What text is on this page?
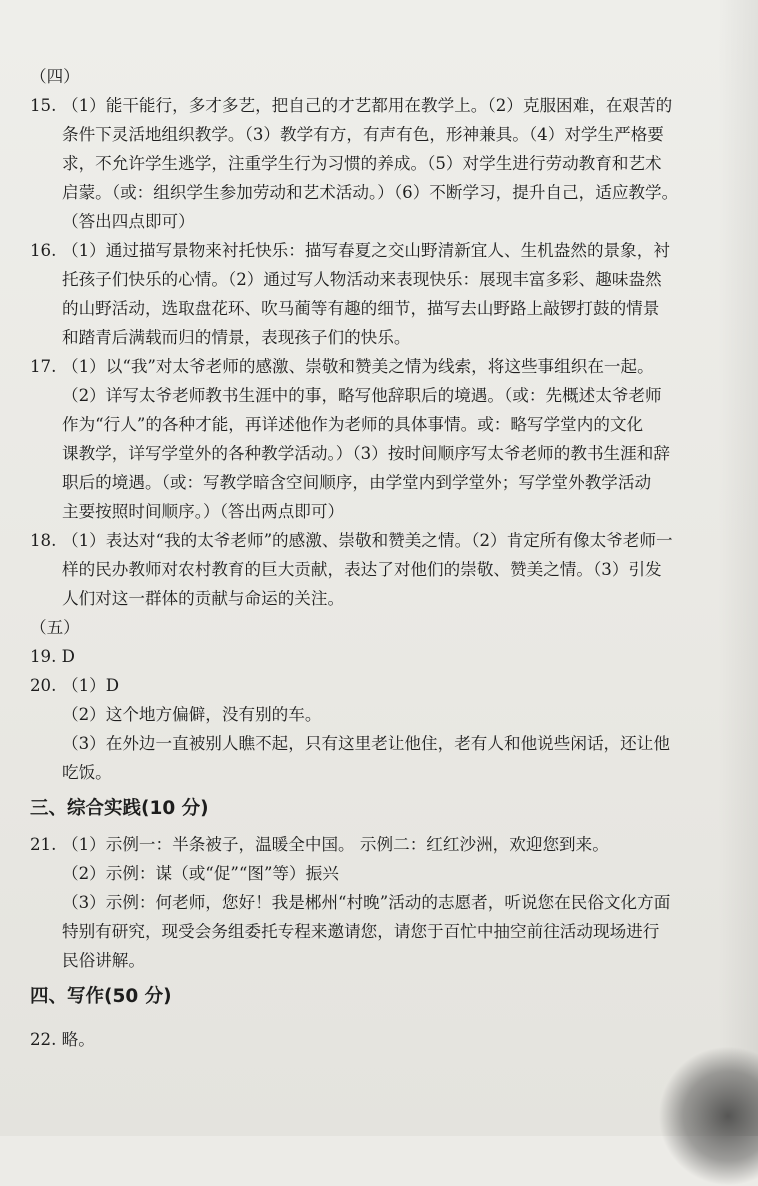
（四）
15. （1）能干能行，多才多艺，把自己的才艺都用在教学上。（2）克服困难，在艰苦的
条件下灵活地组织教学。（3）教学有方，有声有色，形神兼具。（4）对学生严格要
求，不允许学生逃学，注重学生行为习惯的养成。（5）对学生进行劳动教育和艺术
启蒙。（或：组织学生参加劳动和艺术活动。）（6）不断学习，提升自己，适应教学。
（答出四点即可）
16. （1）通过描写景物来衬托快乐：描写春夏之交山野清新宜人、生机盎然的景象，衬
托孩子们快乐的心情。（2）通过写人物活动来表现快乐：展现丰富多彩、趣味盎然
的山野活动，选取盘花环、吹马蔺等有趣的细节，描写去山野路上敲锣打鼓的情景
和踏青后满载而归的情景，表现孩子们的快乐。
17. （1）以“我”对太爷老师的感激、崇敬和赞美之情为线索，将这些事组织在一起。
（2）详写太爷老师教书生涯中的事，略写他辞职后的境遇。（或：先概述太爷老师
作为“行人”的各种才能，再详述他作为老师的具体事情。或：略写学堂内的文化
课教学，详写学堂外的各种教学活动。）（3）按时间顺序写太爷老师的教书生涯和辞
职后的境遇。（或：写教学暗含空间顺序，由学堂内到学堂外；写学堂外教学活动
主要按照时间顺序。）（答出两点即可）
18. （1）表达对“我的太爷老师”的感激、崇敬和赞美之情。（2）肯定所有像太爷老师一
样的民办教师对农村教育的巨大贡献，表达了对他们的崇敬、赞美之情。（3）引发
人们对这一群体的贡献与命运的关注。
（五）
19. D
20. （1）D
（2）这个地方偏僻，没有别的车。
（3）在外边一直被别人瞧不起，只有这里老让他住，老有人和他说些闲话，还让他
吃饭。
三、综合实践(10 分)
21. （1）示例一：半条被子，温暖全中国。 示例二：红红沙洲，欢迎您到来。
（2）示例：谋（或“促”“图”等）振兴
（3）示例：何老师，您好！我是郴州“村晚”活动的志愿者，听说您在民俗文化方面
特别有研究，现受会务组委托专程来邀请您，请您于百忙中抽空前往活动现场进行
民俗讲解。
四、写作(50 分)
22. 略。
